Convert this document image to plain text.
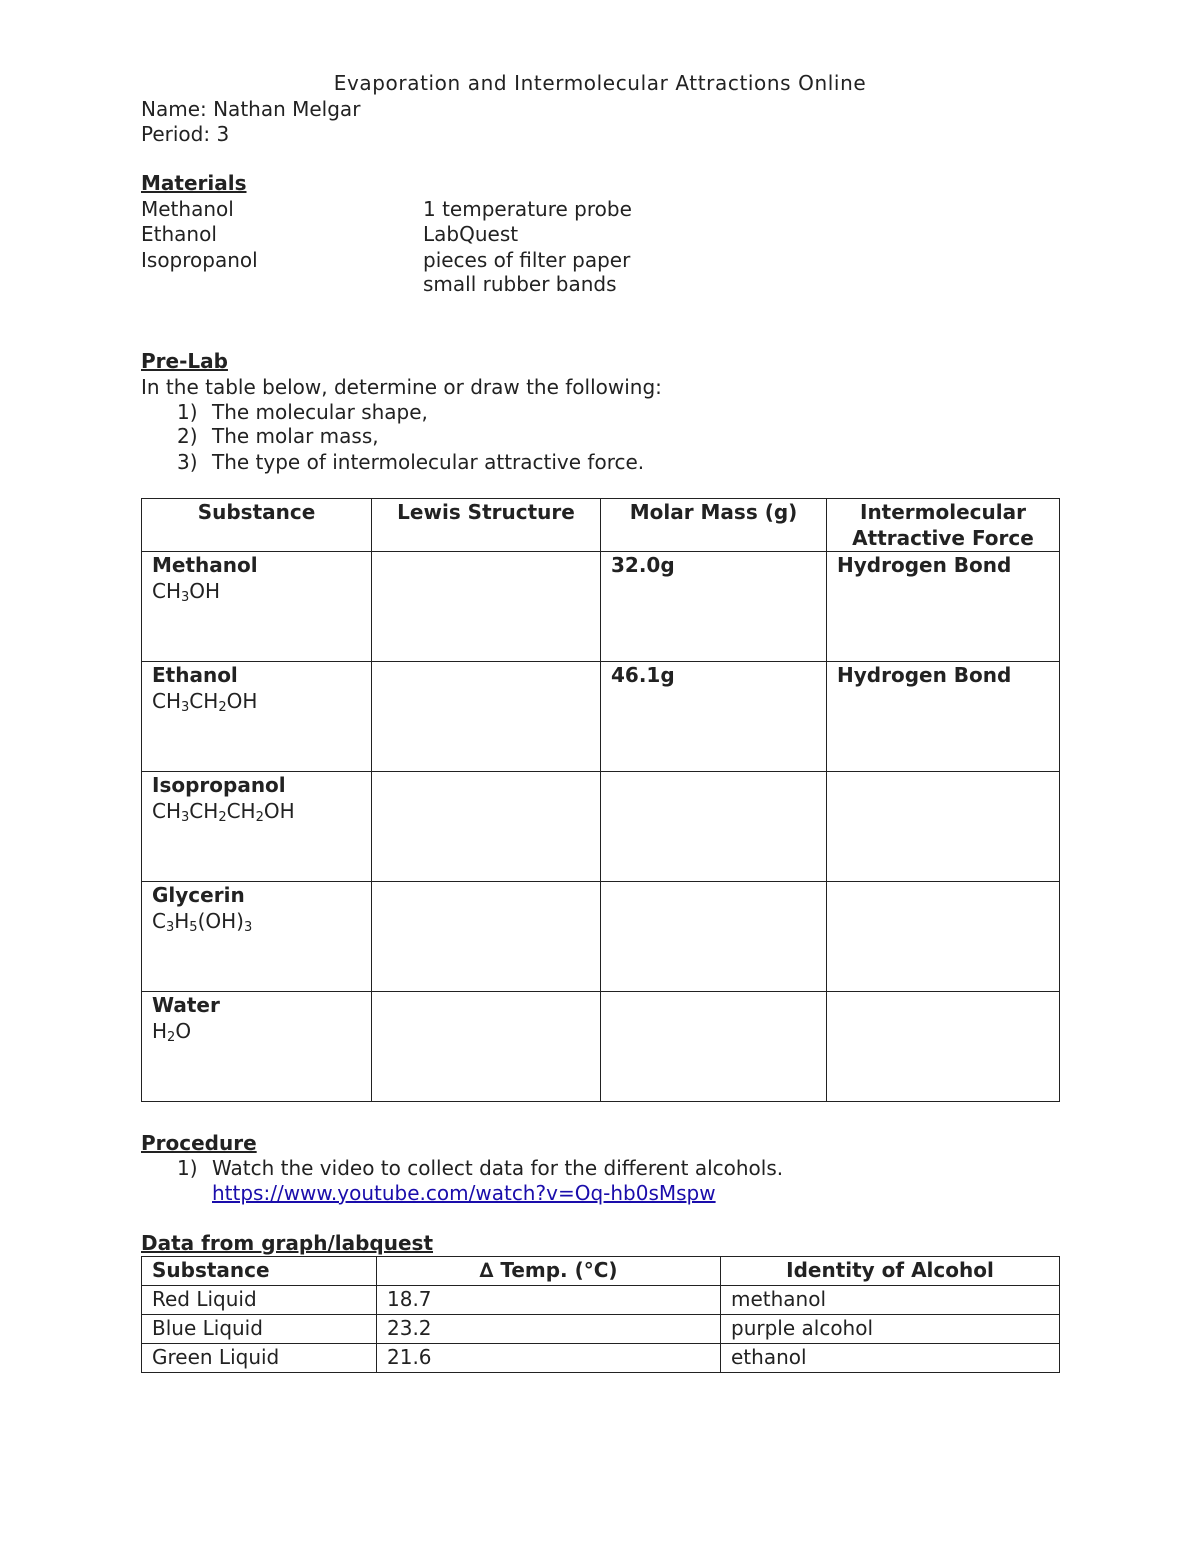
Evaporation and Intermolecular Attractions Online
Name: Nathan Melgar
Period: 3
Materials
Methanol
Ethanol
Isopropanol
1 temperature probe
LabQuest
pieces of filter paper
small rubber bands
Pre-Lab
In the table below, determine or draw the following:
1) The molecular shape,
2) The molar mass,
3) The type of intermolecular attractive force.
Substance	Lewis Structure	Molar Mass (g)	Intermolecular
Attractive Force

Methanol
$CH_3OH$		32.0g	Hydrogen Bond

Ethanol
$CH_3CH_2OH$		46.1g	Hydrogen Bond

Isopropanol
$CH_3CH_2CH_2OH$			

Glycerin
$C_3H_5(OH)_3$

Water
$H_2O$			

Procedure
1) Watch the video to collect data for the different alcohols.
https://www.youtube.com/watch?v=Oq-hb0sMspw
Data from graph/labquest
Substance	∆ Temp. (°C)	Identity of Alcohol
Red Liquid	18.7	methanol
Blue Liquid	23.2	purple alcohol
Green Liquid	21.6	ethanol
